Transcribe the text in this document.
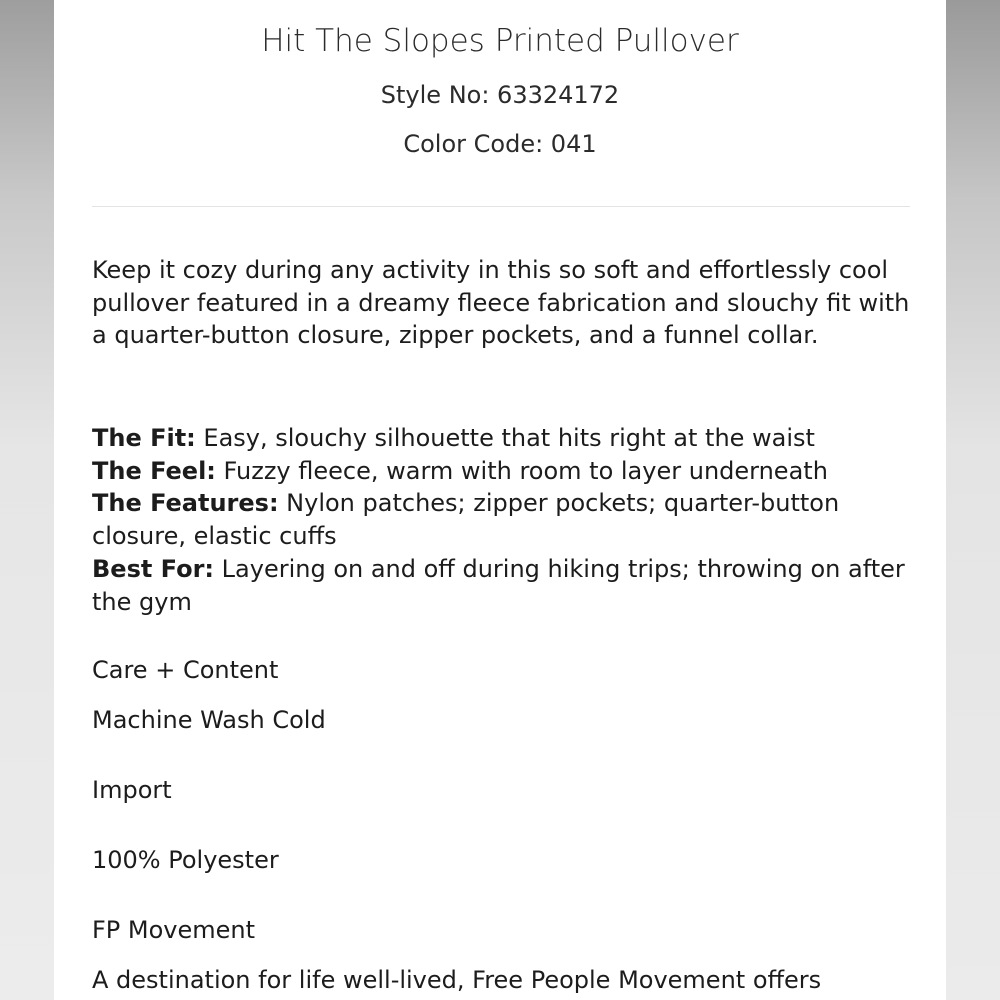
Hit The Slopes Printed Pullover

Style No: 63324172

Color Code: 041

Keep it cozy during any activity in this so soft and effortlessly cool pullover featured in a dreamy fleece fabrication and slouchy fit with a quarter-button closure, zipper pockets, and a funnel collar.

The Fit: Easy, slouchy silhouette that hits right at the waist
The Feel: Fuzzy fleece, warm with room to layer underneath
The Features: Nylon patches; zipper pockets; quarter-button closure, elastic cuffs
Best For: Layering on and off during hiking trips; throwing on after the gym

Care + Content

Machine Wash Cold

Import

100% Polyester

FP Movement

A destination for life well-lived, Free People Movement offers
